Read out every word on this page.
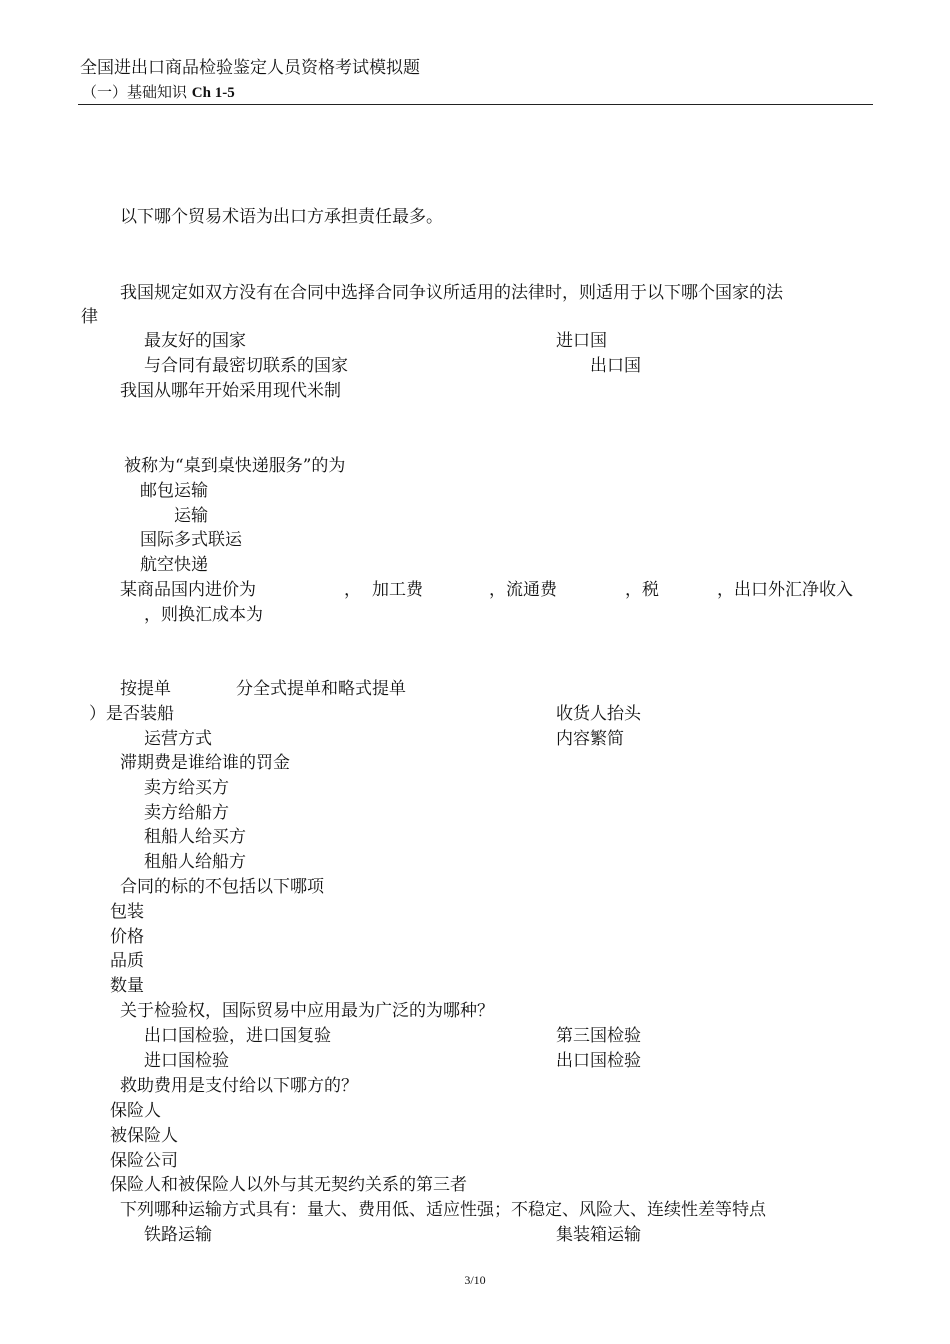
全国进出口商品检验鉴定人员资格考试模拟题
（一）基础知识 Ch 1-5
以下哪个贸易术语为出口方承担责任最多。
我国规定如双方没有在合同中选择合同争议所适用的法律时，则适用于以下哪个国家的法
律
最友好的国家	进口国
与合同有最密切联系的国家	出口国
我国从哪年开始采用现代米制
被称为“桌到桌快递服务”的为
邮包运输
运输
国际多式联运
航空快递
某商品国内进价为	， 加工费	，流通费	，税	，出口外汇净收入
，则换汇成本为
按提单	分全式提单和略式提单
）是否装船	收货人抬头
运营方式	内容繁简
滞期费是谁给谁的罚金
卖方给买方
卖方给船方
租船人给买方
租船人给船方
合同的标的不包括以下哪项
包装
价格
品质
数量
关于检验权，国际贸易中应用最为广泛的为哪种？
出口国检验，进口国复验	第三国检验
进口国检验	出口国检验
救助费用是支付给以下哪方的？
保险人
被保险人
保险公司
保险人和被保险人以外与其无契约关系的第三者
下列哪种运输方式具有：量大、费用低、适应性强；不稳定、风险大、连续性差等特点
铁路运输	集装箱运输
3/10
